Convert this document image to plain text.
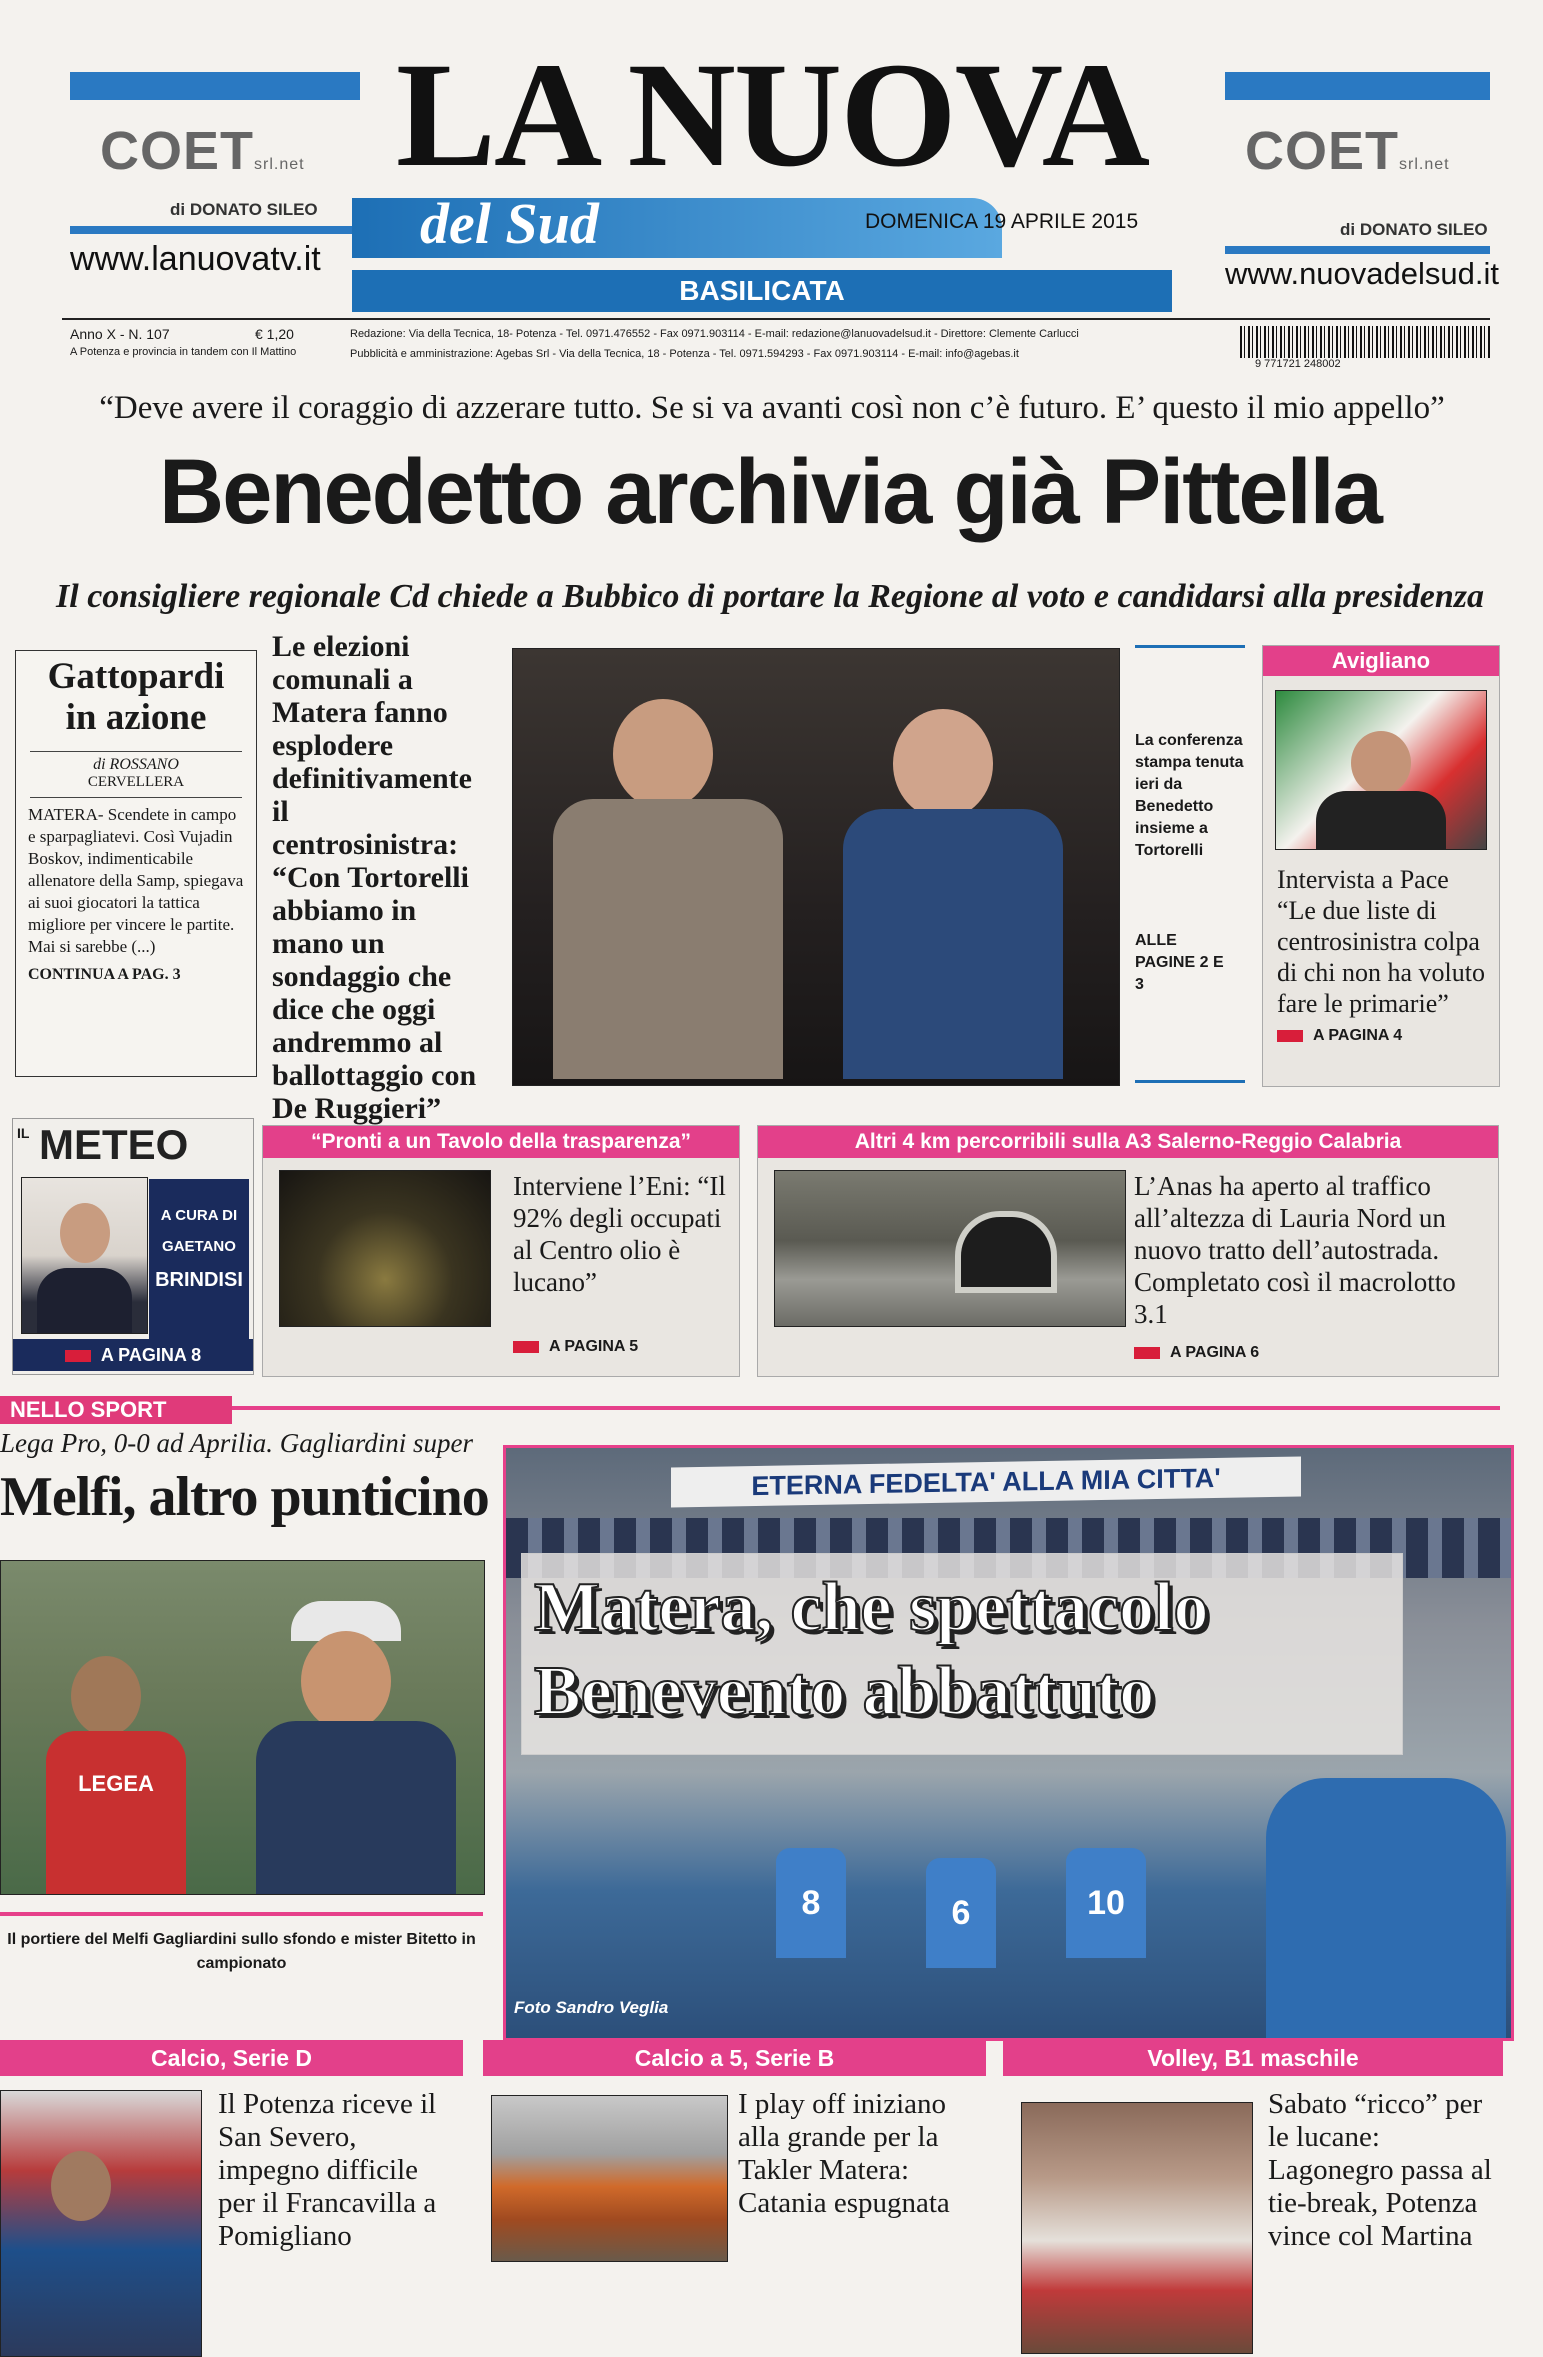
COETsrl.net
di DONATO SILEO
www.lanuovatv.it
LA NUOVA
del Sud	DOMENICA 19 APRILE 2015
BASILICATA
COETsrl.net
di DONATO SILEO
www.nuovadelsud.it
Anno X - N. 107	€ 1,20
A Potenza e provincia in tandem con Il Mattino
Redazione: Via della Tecnica, 18- Potenza - Tel. 0971.476552 - Fax 0971.903114 - E-mail: redazione@lanuovadelsud.it - Direttore: Clemente Carlucci
Pubblicità e amministrazione: Agebas Srl - Via della Tecnica, 18 - Potenza - Tel. 0971.594293 - Fax 0971.903114 - E-mail: info@agebas.it
9 771721 248002
“Deve avere il coraggio di azzerare tutto. Se si va avanti così non c’è futuro. E’ questo il mio appello”
Benedetto archivia già Pittella
Il consigliere regionale Cd chiede a Bubbico di portare la Regione al voto e candidarsi alla presidenza
Gattopardi
in azione
di ROSSANO
CERVELLERA
MATERA- Scendete in campo e sparpagliatevi. Così Vujadin Boskov, indimenticabile allenatore della Samp, spiegava ai suoi giocatori la tattica migliore per vincere le partite. Mai si sarebbe (...)
CONTINUA A PAG. 3
Le elezioni comunali a Matera fanno esplodere definitivamente il centrosinistra: “Con Tortorelli abbiamo in mano un sondaggio che dice che oggi andremmo al ballottaggio con De Ruggieri”
La conferenza stampa tenuta ieri da Benedetto insieme a Tortorelli
ALLE PAGINE 2 E 3
Avigliano
Intervista a Pace “Le due liste di centrosinistra colpa di chi non ha voluto fare le primarie”
A PAGINA 4
IL METEO
A CURA DI
GAETANO
BRINDISI
A PAGINA 8
“Pronti a un Tavolo della trasparenza”
Interviene l’Eni: “Il 92% degli occupati al Centro olio è lucano”
A PAGINA 5
Altri 4 km percorribili sulla A3 Salerno-Reggio Calabria
L’Anas ha aperto al traffico all’altezza di Lauria Nord un nuovo tratto dell’autostrada. Completato così il macrolotto 3.1
A PAGINA 6
NELLO SPORT
Lega Pro, 0-0 ad Aprilia. Gagliardini super
Melfi, altro punticino
LEGEA
Il portiere del Melfi Gagliardini sullo sfondo e mister Bitetto in campionato
ETERNA FEDELTA' ALLA MIA CITTA'
Matera, che spettacolo
Benevento abbattuto
8	6	10
Foto Sandro Veglia
Calcio, Serie D
Il Potenza riceve il San Severo, impegno difficile per il Francavilla a Pomigliano
Calcio a 5, Serie B
I play off iniziano alla grande per la Takler Matera: Catania espugnata
Volley, B1 maschile
Sabato “ricco” per le lucane: Lagonegro passa al tie-break, Potenza vince col Martina
